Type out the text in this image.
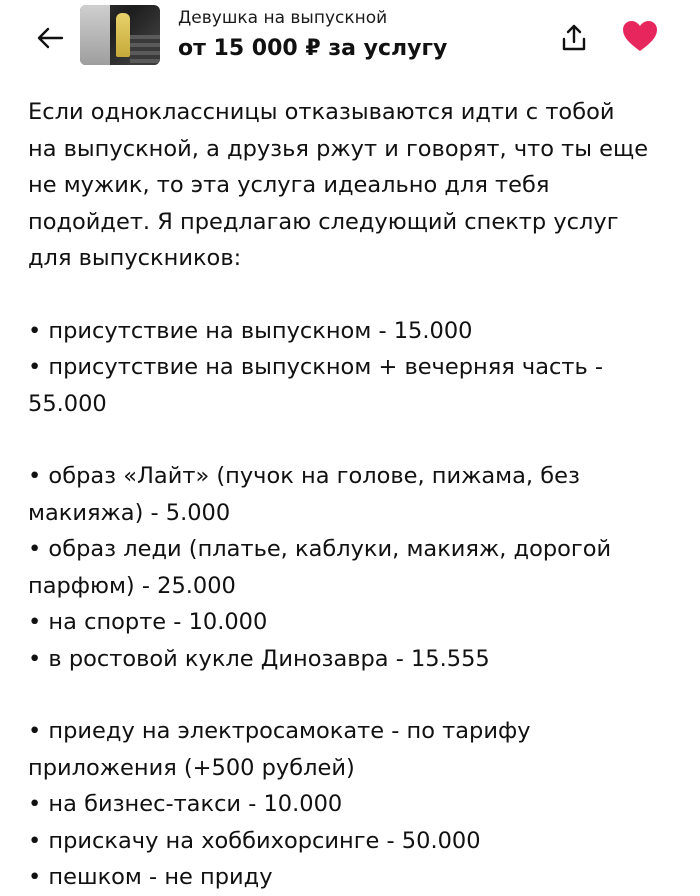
Девушка на выпускной
от 15 000 ₽ за услугу

Если одноклассницы отказываются идти с тобой

на выпускной, а друзья ржут и говорят, что ты еще

не мужик, то эта услуга идеально для тебя

подойдет. Я предлагаю следующий спектр услуг

для выпускников:

• присутствие на выпускном - 15.000

• присутствие на выпускном + вечерняя часть -

55.000

• образ «Лайт» (пучок на голове, пижама, без

макияжа) - 5.000

• образ леди (платье, каблуки, макияж, дорогой

парфюм) - 25.000

• на спорте - 10.000

• в ростовой кукле Динозавра - 15.555

• приеду на электросамокате - по тарифу

приложения (+500 рублей)

• на бизнес-такси - 10.000

• прискачу на хоббихорсинге - 50.000

• пешком - не приду
